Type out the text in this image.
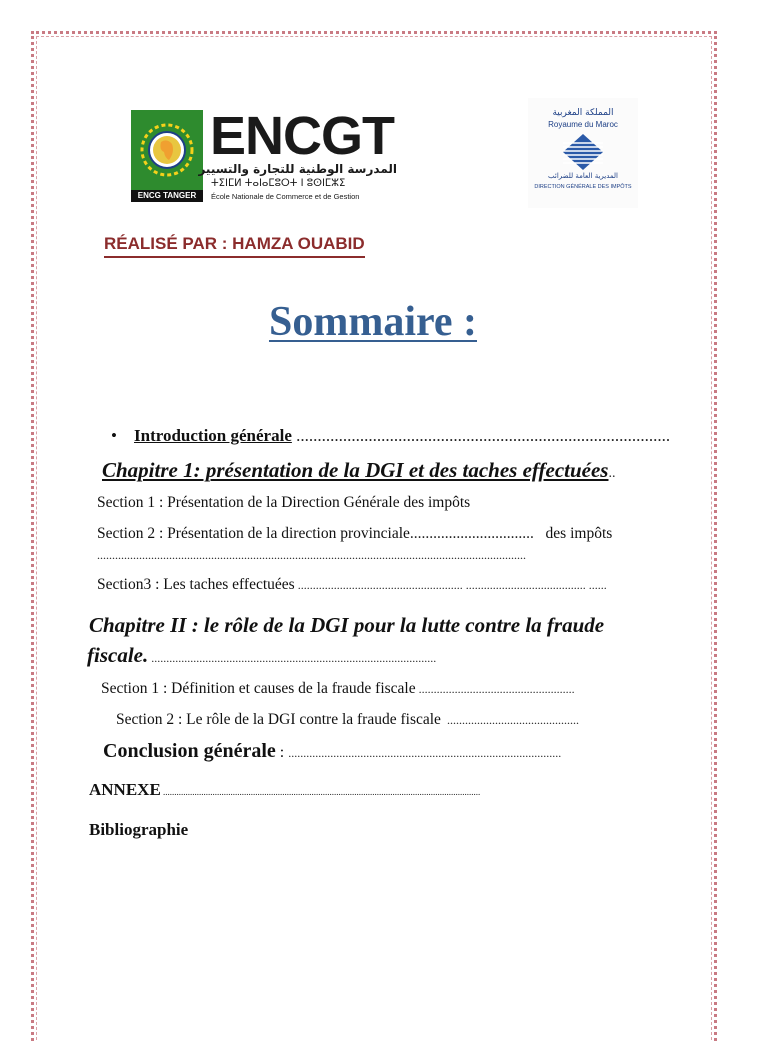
ENCG TANGER
ENCGT
المدرسة الوطنية للتجارة والتسيير
ⵜⵉⵏⵎⵍ ⵜⴰⵏⴰⵎⵓⵔⵜ ⵏ ⵓⵙⵏⵎⵣⵉ
École Nationale de Commerce et de Gestion
المملكة المغربية
Royaume du Maroc
المديرية العامة للضرائب
DIRECTION GÉNÉRALE DES IMPÔTS
RÉALISÉ PAR : HAMZA OUABID
Sommaire :
• Introduction générale ........................................................................................
Chapitre 1: présentation de la DGI et des taches effectuées..
Section 1 : Présentation de la Direction Générale des impôts
Section 2 : Présentation de la direction provinciale................................   des impôts
...............................................................................................................................................
Section3 : Les taches effectuées ....................................................... ........................................ ......
Chapitre II : le rôle de la DGI pour la lutte contre la fraude
fiscale. ...............................................................................................
Section 1 : Définition et causes de la fraude fiscale ....................................................
Section 2 : Le rôle de la DGI contre la fraude fiscale  ............................................
Conclusion générale : ...........................................................................................
ANNEXE .............................................................................................................................................
Bibliographie
